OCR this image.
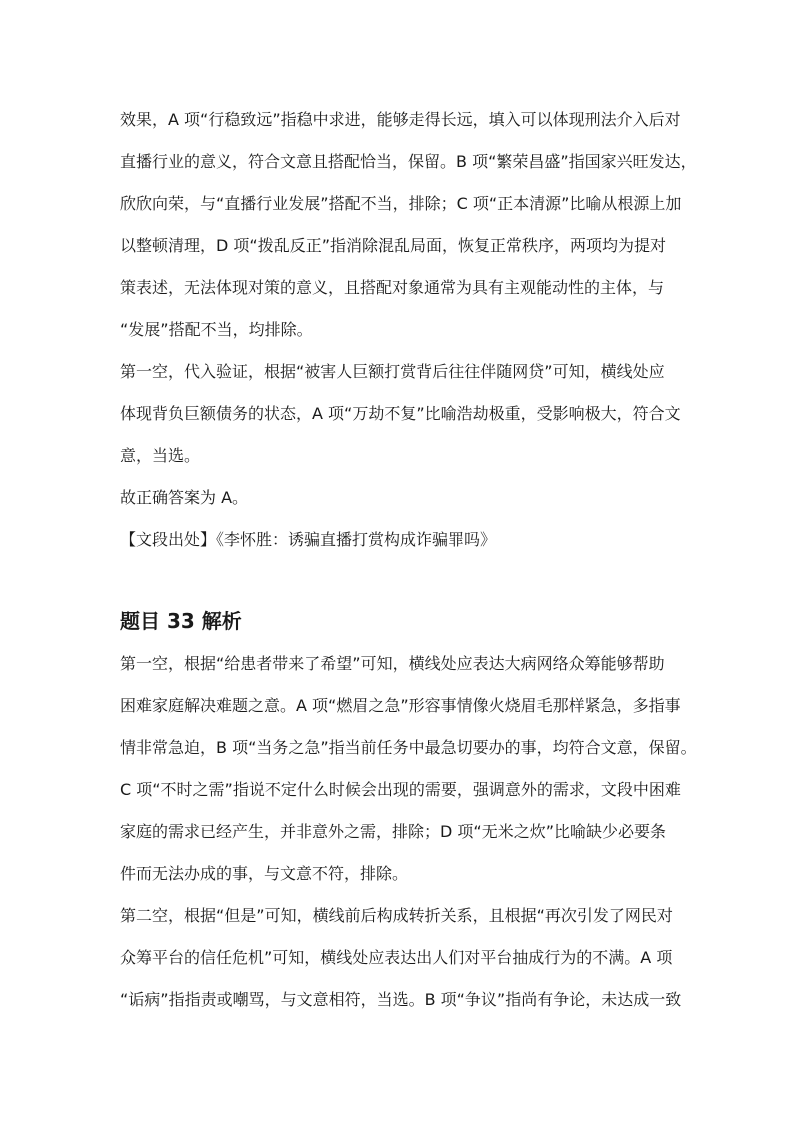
效果，A 项“行稳致远”指稳中求进，能够走得长远，填入可以体现刑法介入后对
直播行业的意义，符合文意且搭配恰当，保留。B 项“繁荣昌盛”指国家兴旺发达，
欣欣向荣，与“直播行业发展”搭配不当，排除；C 项“正本清源”比喻从根源上加
以整顿清理，D 项“拨乱反正”指消除混乱局面，恢复正常秩序，两项均为提对
策表述，无法体现对策的意义，且搭配对象通常为具有主观能动性的主体，与
“发展”搭配不当，均排除。
第一空，代入验证，根据“被害人巨额打赏背后往往伴随网贷”可知，横线处应
体现背负巨额债务的状态，A 项“万劫不复”比喻浩劫极重，受影响极大，符合文
意，当选。
故正确答案为 A。
【文段出处】《李怀胜：诱骗直播打赏构成诈骗罪吗》
题目 33 解析
第一空，根据“给患者带来了希望”可知，横线处应表达大病网络众筹能够帮助
困难家庭解决难题之意。A 项“燃眉之急”形容事情像火烧眉毛那样紧急，多指事
情非常急迫，B 项“当务之急”指当前任务中最急切要办的事，均符合文意，保留。
C 项“不时之需”指说不定什么时候会出现的需要，强调意外的需求，文段中困难
家庭的需求已经产生，并非意外之需，排除；D 项“无米之炊”比喻缺少必要条
件而无法办成的事，与文意不符，排除。
第二空，根据“但是”可知，横线前后构成转折关系，且根据“再次引发了网民对
众筹平台的信任危机”可知，横线处应表达出人们对平台抽成行为的不满。A 项
“诟病”指指责或嘲骂，与文意相符，当选。B 项“争议”指尚有争论，未达成一致
